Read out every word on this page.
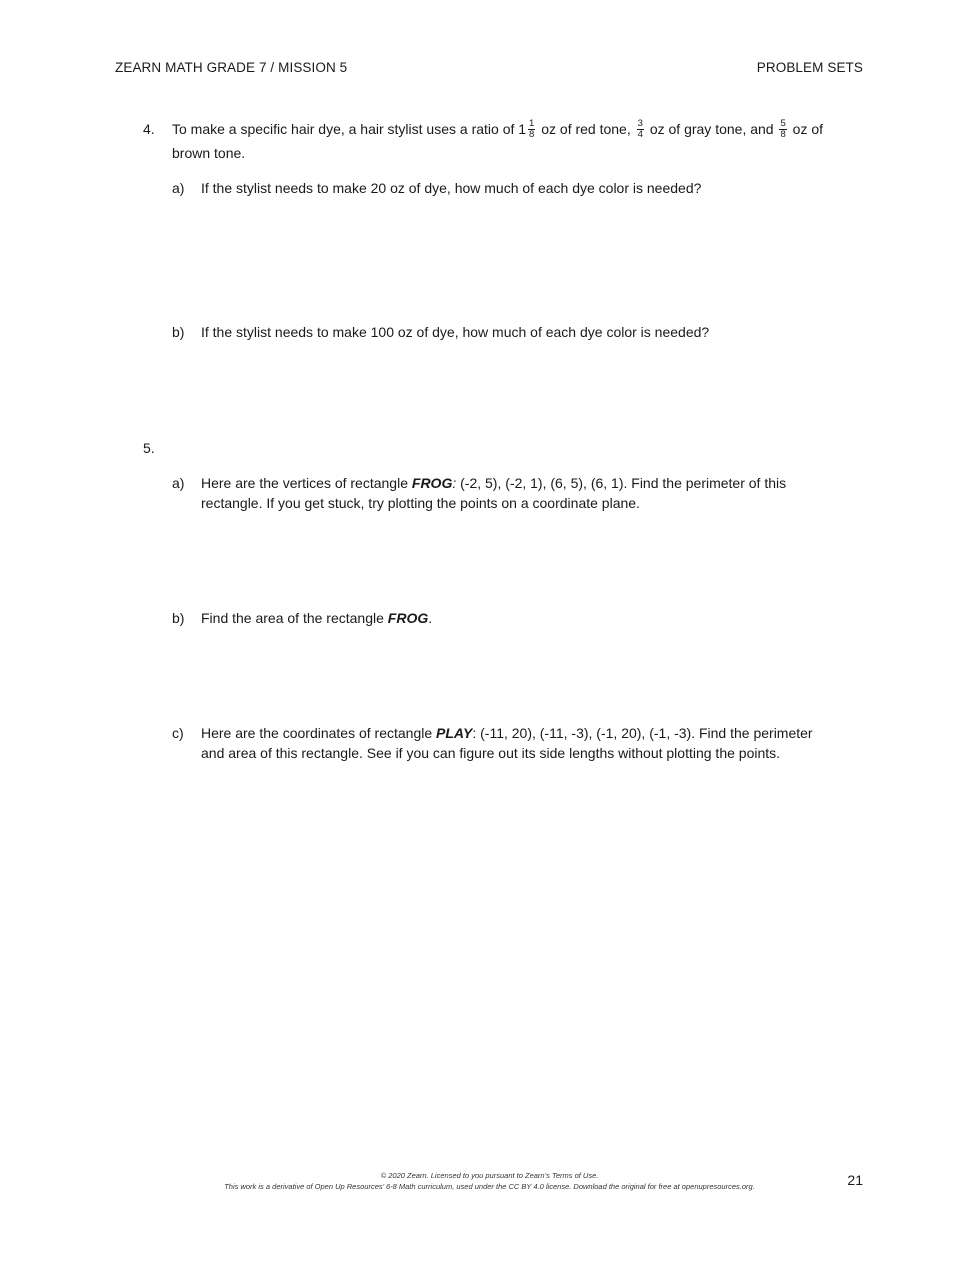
ZEARN MATH GRADE 7 / MISSION 5	PROBLEM SETS
4. To make a specific hair dye, a hair stylist uses a ratio of $1 \frac{1}{8}$ oz of red tone, $\frac{3}{4}$ oz of gray tone, and $\frac{5}{8}$ oz of
brown tone.
a) If the stylist needs to make 20 oz of dye, how much of each dye color is needed?
b) If the stylist needs to make 100 oz of dye, how much of each dye color is needed?
5.
a) Here are the vertices of rectangle FROG: (-2, 5), (-2, 1), (6, 5), (6, 1). Find the perimeter of this
rectangle. If you get stuck, try plotting the points on a coordinate plane.
b) Find the area of the rectangle FROG.
c) Here are the coordinates of rectangle PLAY: (-11, 20), (-11, -3), (-1, 20), (-1, -3). Find the perimeter
and area of this rectangle. See if you can figure out its side lengths without plotting the points.
© 2020 Zearn. Licensed to you pursuant to Zearn’s Terms of Use.
This work is a derivative of Open Up Resources’ 6-8 Math curriculum, used under the CC BY 4.0 license. Download the original for free at openupresources.org.	21
